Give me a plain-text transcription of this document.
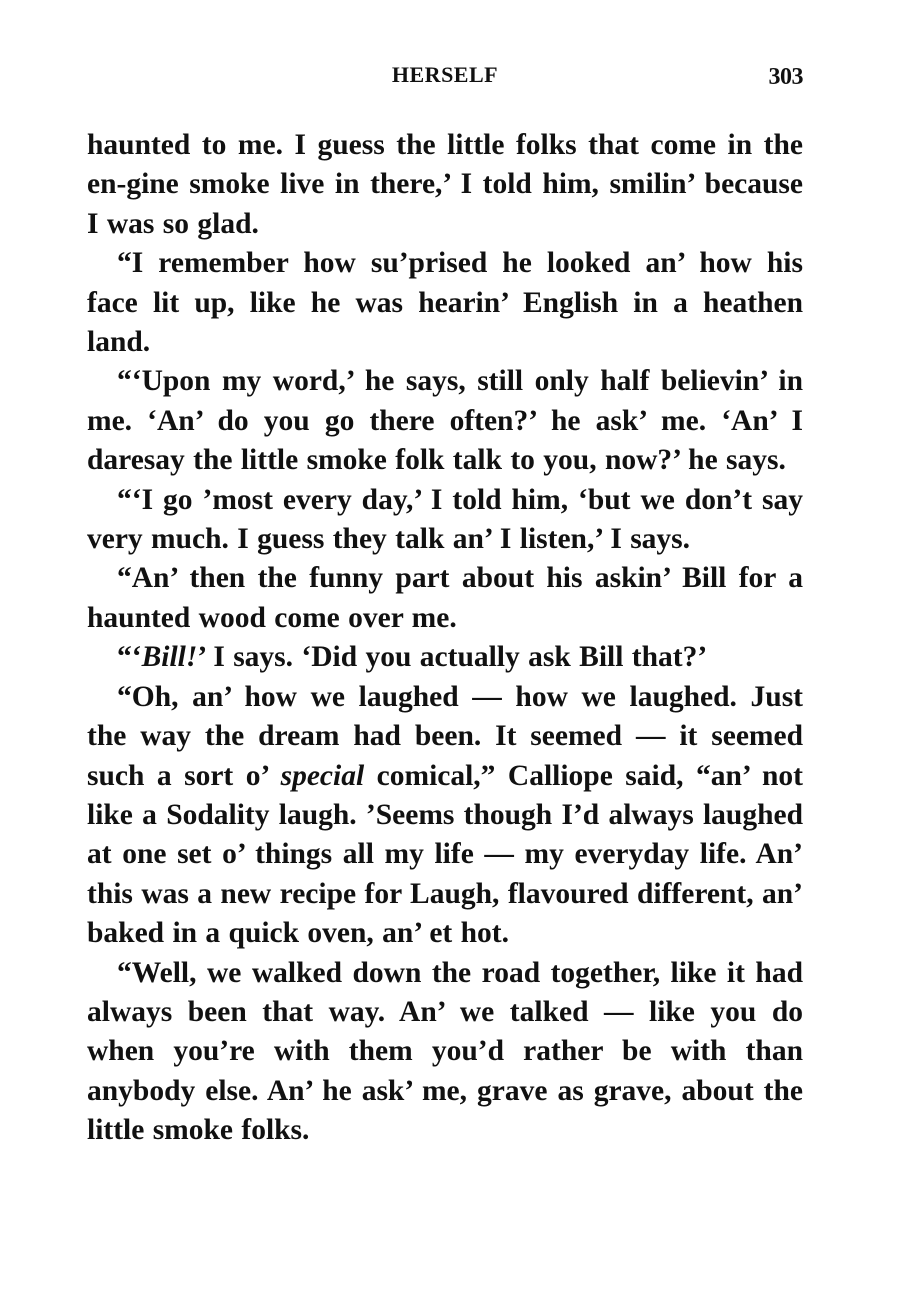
HERSELF	303

haunted to me. I guess the little folks that come in the en-gine smoke live in there,’ I told him, smilin’ because I was so glad.

“I remember how su’prised he looked an’ how his face lit up, like he was hearin’ English in a heathen land.

“‘Upon my word,’ he says, still only half believin’ in me. ‘An’ do you go there often?’ he ask’ me. ‘An’ I daresay the little smoke folk talk to you, now?’ he says.

“‘I go ’most every day,’ I told him, ‘but we don’t say very much. I guess they talk an’ I listen,’ I says.

“An’ then the funny part about his askin’ Bill for a haunted wood come over me.

“‘Bill!’ I says. ‘Did you actually ask Bill that?’

“Oh, an’ how we laughed — how we laughed. Just the way the dream had been. It seemed — it seemed such a sort o’ special comical,” Calliope said, “an’ not like a Sodality laugh. ’Seems though I’d always laughed at one set o’ things all my life — my everyday life. An’ this was a new recipe for Laugh, flavoured different, an’ baked in a quick oven, an’ et hot.

“Well, we walked down the road together, like it had always been that way. An’ we talked — like you do when you’re with them you’d rather be with than anybody else. An’ he ask’ me, grave as grave, about the little smoke folks.
